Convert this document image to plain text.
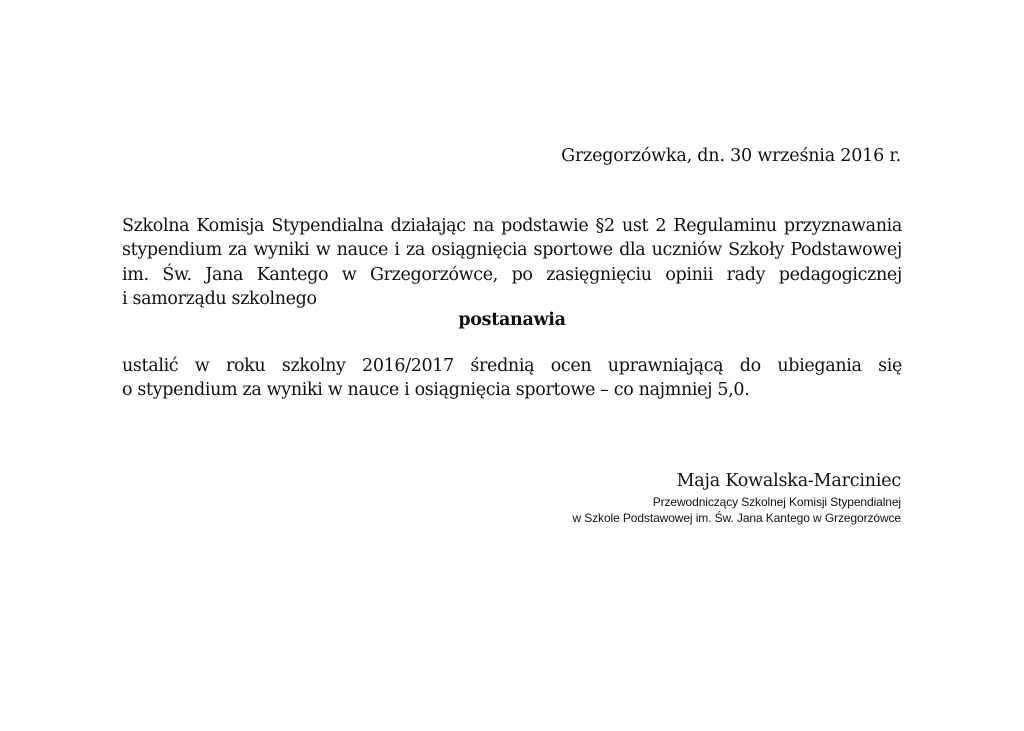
Grzegorzówka, dn. 30 września 2016 r.
Szkolna Komisja Stypendialna działając na podstawie §2 ust 2 Regulaminu przyznawania
stypendium za wyniki w nauce i za osiągnięcia sportowe dla uczniów Szkoły Podstawowej
im. Św. Jana Kantego w Grzegorzówce, po zasięgnięciu opinii rady pedagogicznej
i samorządu szkolnego
postanawia
ustalić w roku szkolny 2016/2017 średnią ocen uprawniającą do ubiegania się
o stypendium za wyniki w nauce i osiągnięcia sportowe – co najmniej 5,0.
Maja Kowalska-Marciniec
Przewodniczący Szkolnej Komisji Stypendialnej
w Szkole Podstawowej im. Św. Jana Kantego w Grzegorzówce
